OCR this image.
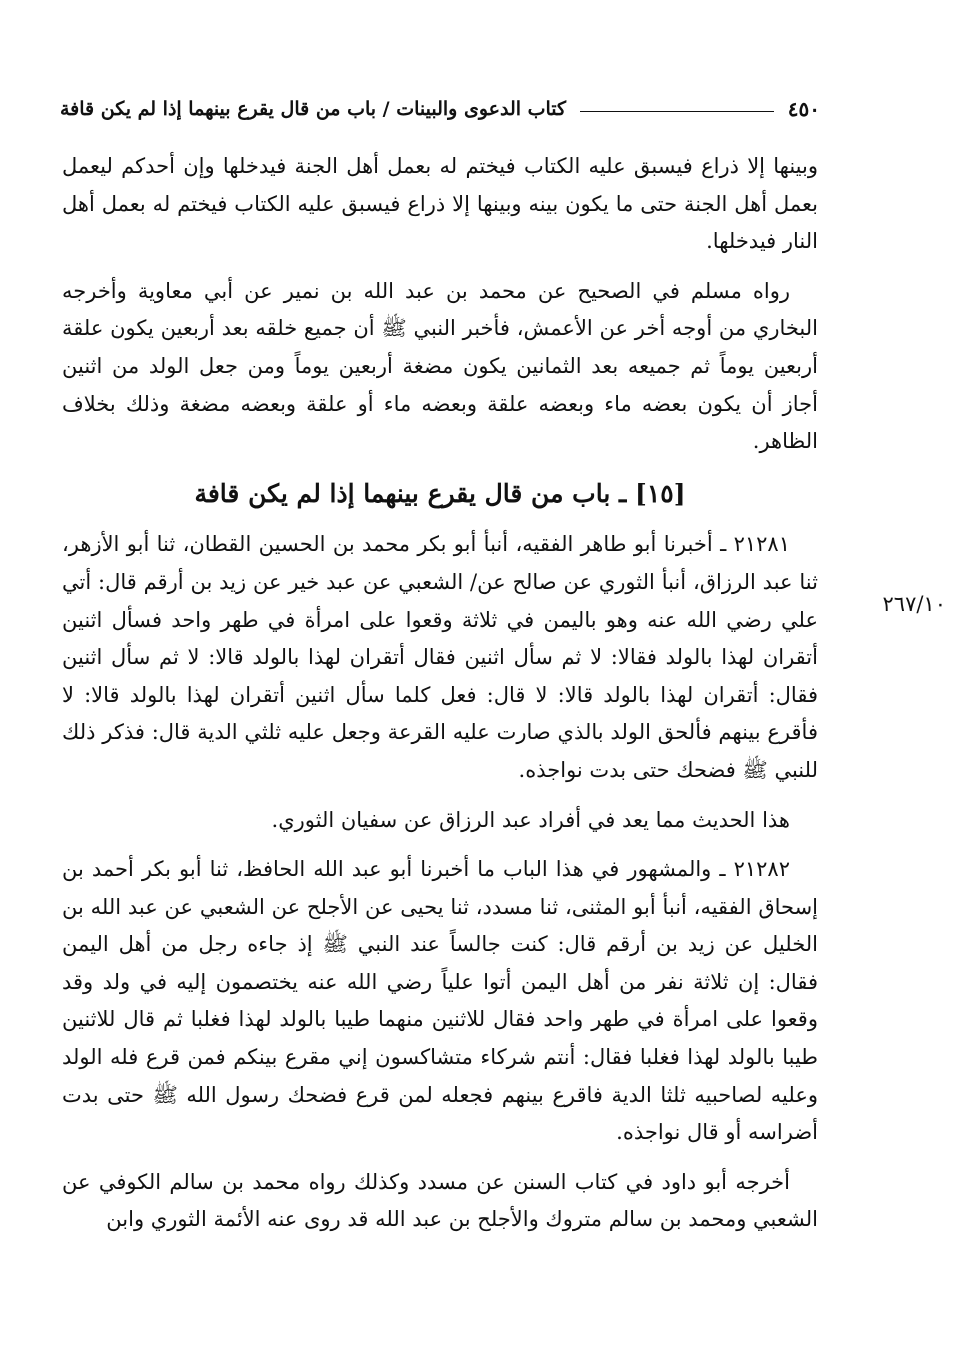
٤٥٠
كتاب الدعوى والبينات / باب من قال يقرع بينهما إذا لم يكن قافة
٢٦٧/١٠

وبينها إلا ذراع فيسبق عليه الكتاب فيختم له بعمل أهل الجنة فيدخلها وإن أحدكم ليعمل بعمل أهل الجنة حتى ما يكون بينه وبينها إلا ذراع فيسبق عليه الكتاب فيختم له بعمل أهل النار فيدخلها.

رواه مسلم في الصحيح عن محمد بن عبد الله بن نمير عن أبي معاوية وأخرجه البخاري من أوجه أخر عن الأعمش، فأخبر النبي ﷺ أن جميع خلقه بعد أربعين يكون علقة أربعين يوماً ثم جميعه بعد الثمانين يكون مضغة أربعين يوماً ومن جعل الولد من اثنين أجاز أن يكون بعضه ماء وبعضه علقة وبعضه ماء أو علقة وبعضه مضغة وذلك بخلاف الظاهر.

[١٥] ـ باب من قال يقرع بينهما إذا لم يكن قافة

٢١٢٨١ ـ أخبرنا أبو طاهر الفقيه، أنبأ أبو بكر محمد بن الحسين القطان، ثنا أبو الأزهر، ثنا عبد الرزاق، أنبأ الثوري عن صالح عن/ الشعبي عن عبد خير عن زيد بن أرقم قال: أتي علي رضي الله عنه وهو باليمن في ثلاثة وقعوا على امرأة في طهر واحد فسأل اثنين أتقران لهذا بالولد فقالا: لا ثم سأل اثنين فقال أتقران لهذا بالولد قالا: لا ثم سأل اثنين فقال: أتقران لهذا بالولد قالا: لا قال: فعل كلما سأل اثنين أتقران لهذا بالولد قالا: لا فأقرع بينهم فألحق الولد بالذي صارت عليه القرعة وجعل عليه ثلثي الدية قال: فذكر ذلك للنبي ﷺ فضحك حتى بدت نواجذه.

هذا الحديث مما يعد في أفراد عبد الرزاق عن سفيان الثوري.

٢١٢٨٢ ـ والمشهور في هذا الباب ما أخبرنا أبو عبد الله الحافظ، ثنا أبو بكر أحمد بن إسحاق الفقيه، أنبأ أبو المثنى، ثنا مسدد، ثنا يحيى عن الأجلح عن الشعبي عن عبد الله بن الخليل عن زيد بن أرقم قال: كنت جالساً عند النبي ﷺ إذ جاءه رجل من أهل اليمن فقال: إن ثلاثة نفر من أهل اليمن أتوا علياً رضي الله عنه يختصمون إليه في ولد وقد وقعوا على امرأة في طهر واحد فقال للاثنين منهما طيبا بالولد لهذا فغلبا ثم قال للاثنين طيبا بالولد لهذا فغلبا فقال: أنتم شركاء متشاكسون إني مقرع بينكم فمن قرع فله الولد وعليه لصاحبيه ثلثا الدية فاقرع بينهم فجعله لمن قرع فضحك رسول الله ﷺ حتى بدت أضراسه أو قال نواجذه.

أخرجه أبو داود في كتاب السنن عن مسدد وكذلك رواه محمد بن سالم الكوفي عن الشعبي ومحمد بن سالم متروك والأجلح بن عبد الله قد روى عنه الأئمة الثوري وابن
